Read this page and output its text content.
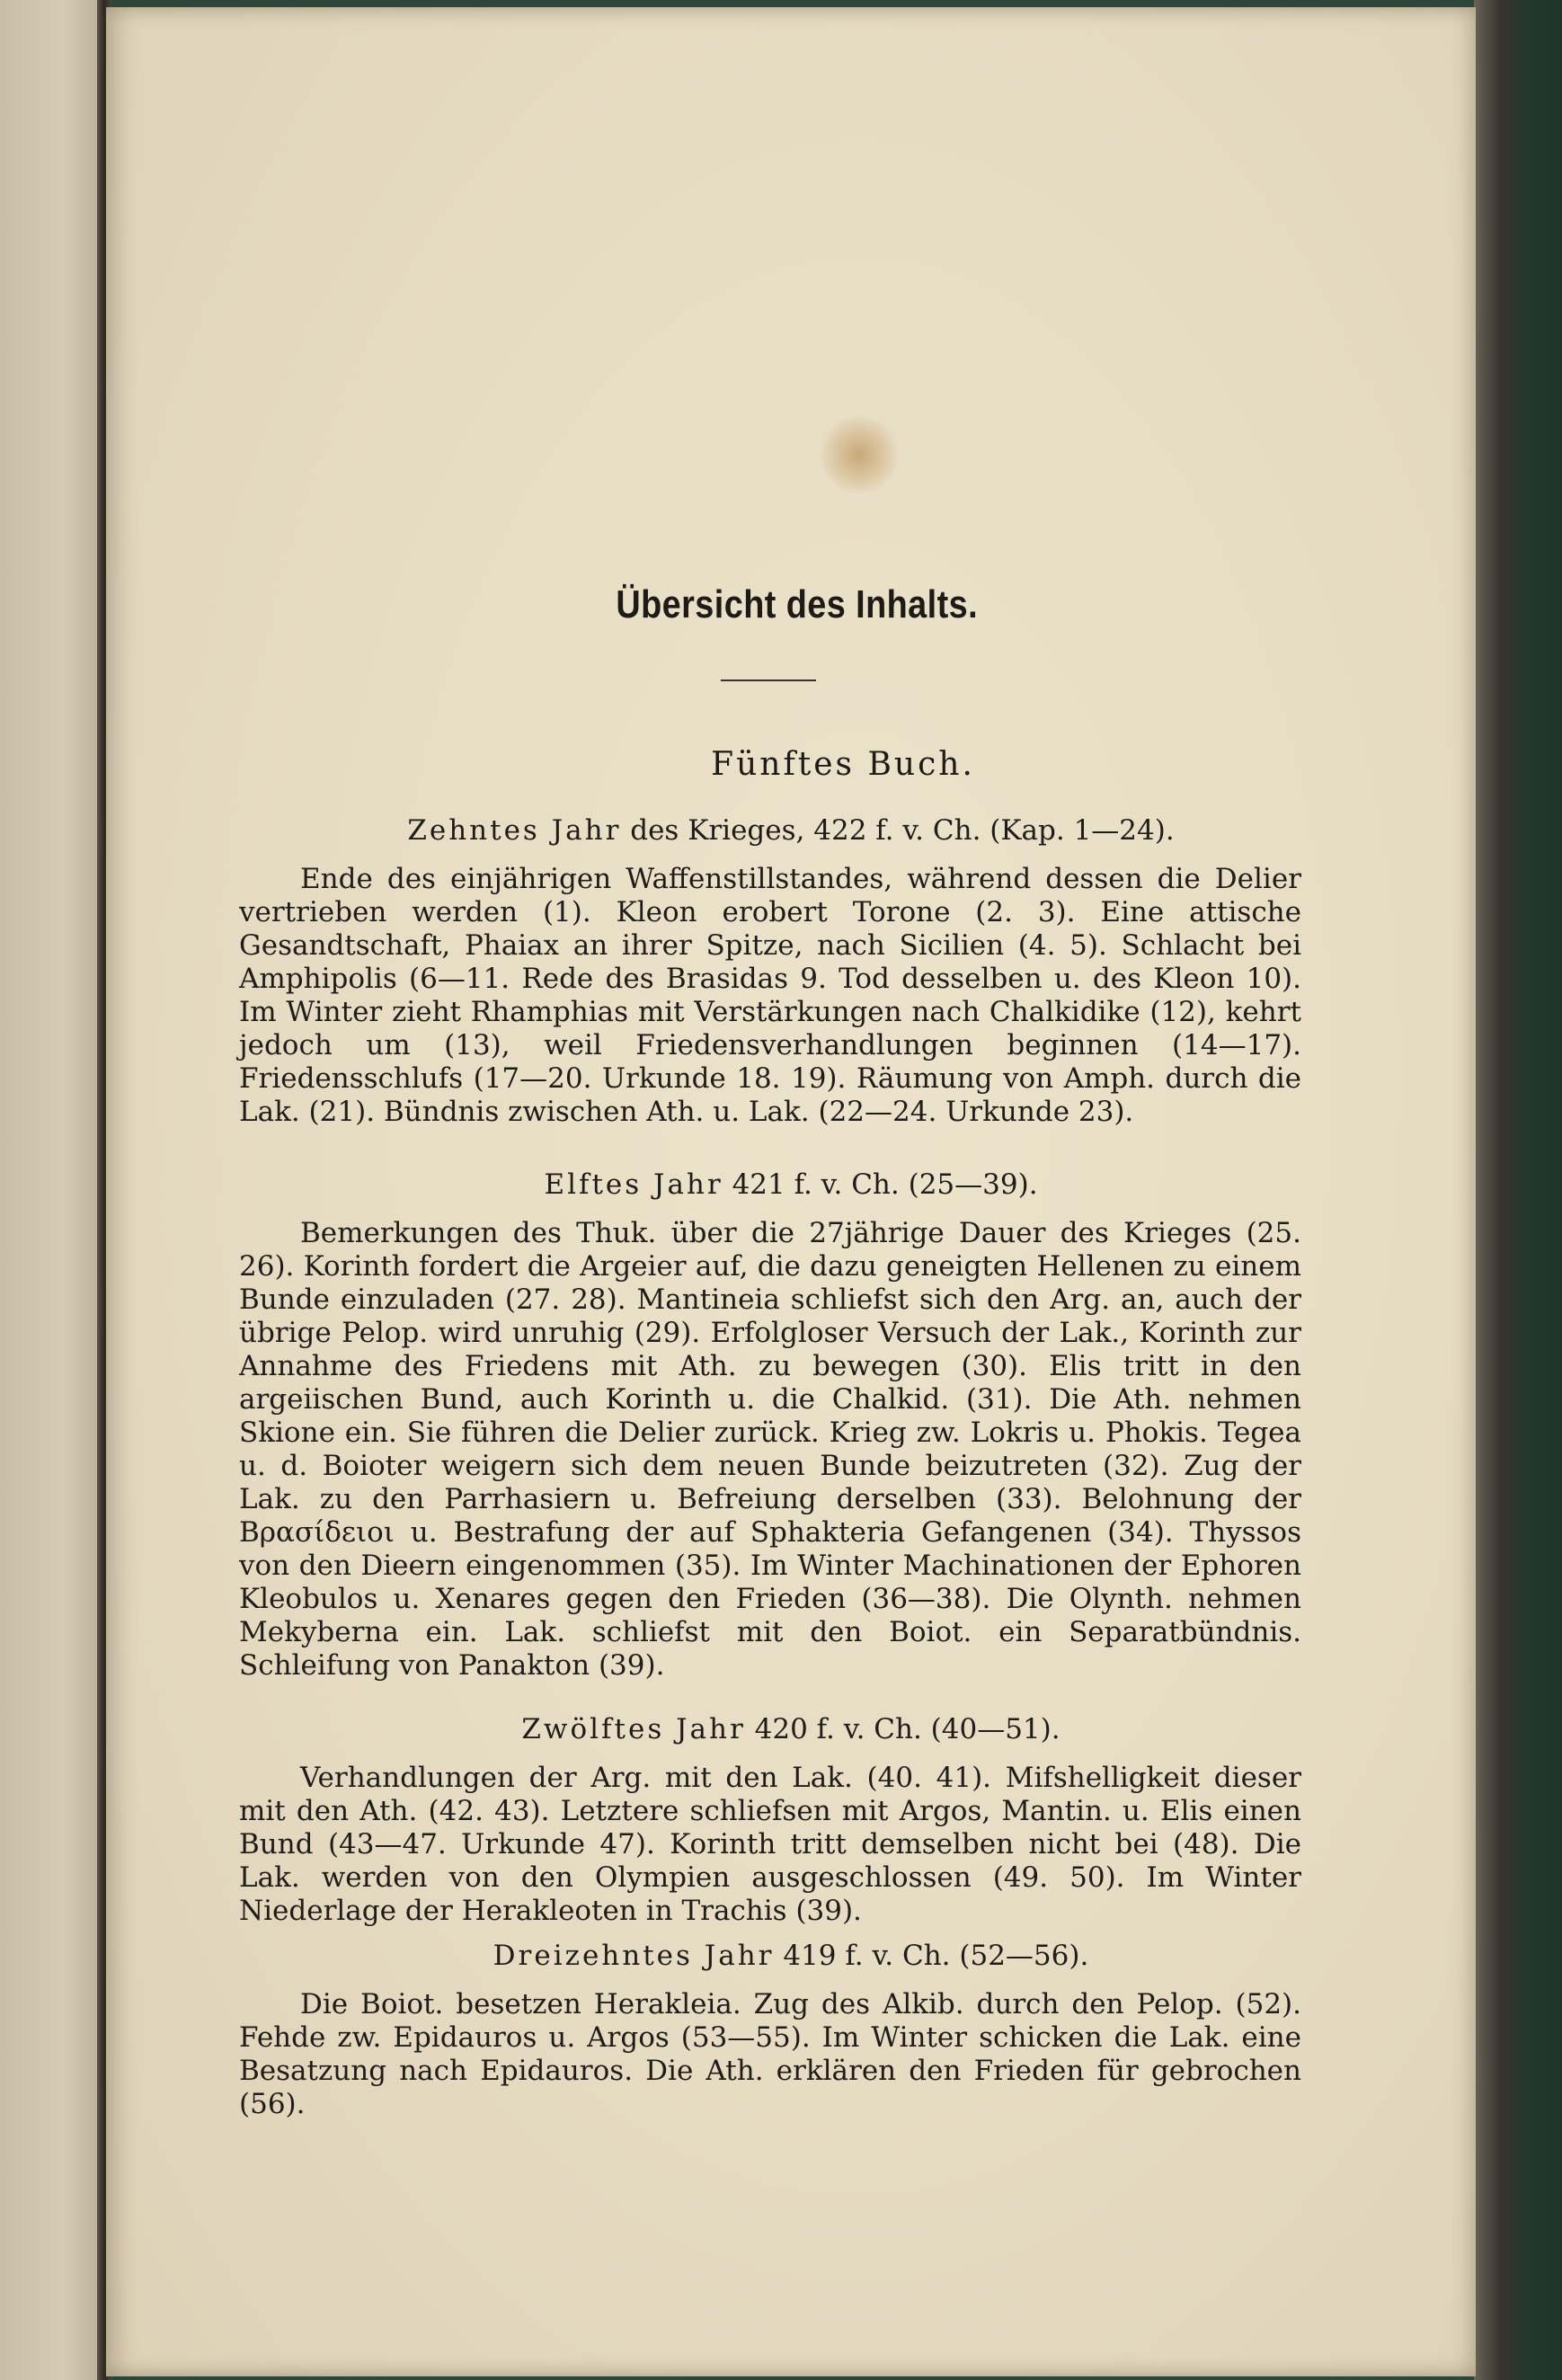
Übersicht des Inhalts.
Fünftes Buch.
Zehntes Jahr des Krieges, 422 f. v. Ch. (Kap. 1—24).

Ende des einjährigen Waffenstillstandes, während dessen die Delier vertrieben werden (1). Kleon erobert Torone (2. 3). Eine attische Gesandtschaft, Phaiax an ihrer Spitze, nach Sicilien (4. 5). Schlacht bei Amphipolis (6—11. Rede des Brasidas 9. Tod desselben u. des Kleon 10). Im Winter zieht Rhamphias mit Verstärkungen nach Chalkidike (12), kehrt jedoch um (13), weil Friedensverhandlungen beginnen (14—17). Friedensschlufs (17—20. Urkunde 18. 19). Räumung von Amph. durch die Lak. (21). Bündnis zwischen Ath. u. Lak. (22—24. Urkunde 23).

Elftes Jahr 421 f. v. Ch. (25—39).

Bemerkungen des Thuk. über die 27jährige Dauer des Krieges (25. 26). Korinth fordert die Argeier auf, die dazu geneigten Hellenen zu einem Bunde einzuladen (27. 28). Mantineia schliefst sich den Arg. an, auch der übrige Pelop. wird unruhig (29). Erfolgloser Versuch der Lak., Korinth zur Annahme des Friedens mit Ath. zu bewegen (30). Elis tritt in den argeiischen Bund, auch Korinth u. die Chalkid. (31). Die Ath. nehmen Skione ein. Sie führen die Delier zurück. Krieg zw. Lokris u. Phokis. Tegea u. d. Boioter weigern sich dem neuen Bunde beizutreten (32). Zug der Lak. zu den Parrhasiern u. Befreiung derselben (33). Belohnung der Βρασίδειοι u. Bestrafung der auf Sphakteria Gefangenen (34). Thyssos von den Dieern eingenommen (35). Im Winter Machinationen der Ephoren Kleobulos u. Xenares gegen den Frieden (36—38). Die Olynth. nehmen Mekyberna ein. Lak. schliefst mit den Boiot. ein Separatbündnis. Schleifung von Panakton (39).

Zwölftes Jahr 420 f. v. Ch. (40—51).

Verhandlungen der Arg. mit den Lak. (40. 41). Mifshelligkeit dieser mit den Ath. (42. 43). Letztere schliefsen mit Argos, Mantin. u. Elis einen Bund (43—47. Urkunde 47). Korinth tritt demselben nicht bei (48). Die Lak. werden von den Olympien ausgeschlossen (49. 50). Im Winter Niederlage der Herakleoten in Trachis (39).

Dreizehntes Jahr 419 f. v. Ch. (52—56).

Die Boiot. besetzen Herakleia. Zug des Alkib. durch den Pelop. (52). Fehde zw. Epidauros u. Argos (53—55). Im Winter schicken die Lak. eine Besatzung nach Epidauros. Die Ath. erklären den Frieden für gebrochen (56).
